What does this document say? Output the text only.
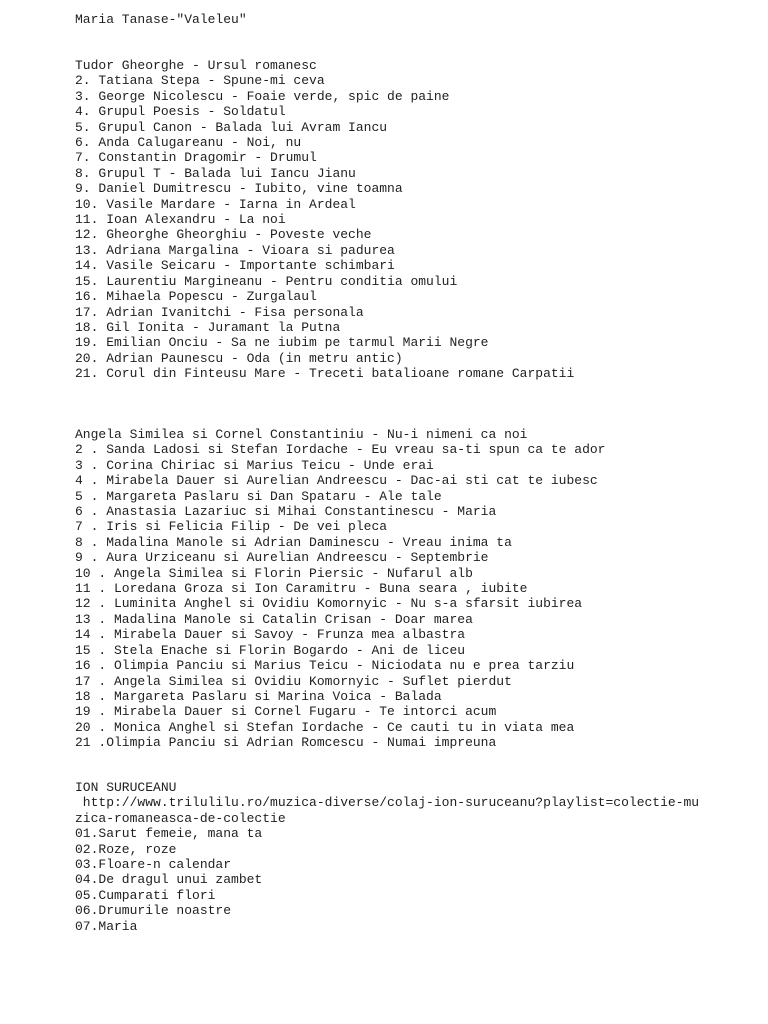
Maria Tanase-"Valeleu"
Tudor Gheorghe - Ursul romanesc
2. Tatiana Stepa - Spune-mi ceva
3. George Nicolescu - Foaie verde, spic de paine
4. Grupul Poesis - Soldatul
5. Grupul Canon - Balada lui Avram Iancu
6. Anda Calugareanu - Noi, nu
7. Constantin Dragomir - Drumul
8. Grupul T - Balada lui Iancu Jianu
9. Daniel Dumitrescu - Iubito, vine toamna
10. Vasile Mardare - Iarna in Ardeal
11. Ioan Alexandru - La noi
12. Gheorghe Gheorghiu - Poveste veche
13. Adriana Margalina - Vioara si padurea
14. Vasile Seicaru - Importante schimbari
15. Laurentiu Margineanu - Pentru conditia omului
16. Mihaela Popescu - Zurgalaul
17. Adrian Ivanitchi - Fisa personala
18. Gil Ionita - Juramant la Putna
19. Emilian Onciu - Sa ne iubim pe tarmul Marii Negre
20. Adrian Paunescu - Oda (in metru antic)
21. Corul din Finteusu Mare - Treceti batalioane romane Carpatii
Angela Similea si Cornel Constantiniu - Nu-i nimeni ca noi
2 . Sanda Ladosi si Stefan Iordache - Eu vreau sa-ti spun ca te ador
3 . Corina Chiriac si Marius Teicu - Unde erai
4 . Mirabela Dauer si Aurelian Andreescu - Dac-ai sti cat te iubesc
5 . Margareta Paslaru si Dan Spataru - Ale tale
6 . Anastasia Lazariuc si Mihai Constantinescu - Maria
7 . Iris si Felicia Filip - De vei pleca
8 . Madalina Manole si Adrian Daminescu - Vreau inima ta
9 . Aura Urziceanu si Aurelian Andreescu - Septembrie
10 . Angela Similea si Florin Piersic - Nufarul alb
11 . Loredana Groza si Ion Caramitru - Buna seara , iubite
12 . Luminita Anghel si Ovidiu Komornyic - Nu s-a sfarsit iubirea
13 . Madalina Manole si Catalin Crisan - Doar marea
14 . Mirabela Dauer si Savoy - Frunza mea albastra
15 . Stela Enache si Florin Bogardo - Ani de liceu
16 . Olimpia Panciu si Marius Teicu - Niciodata nu e prea tarziu
17 . Angela Similea si Ovidiu Komornyic - Suflet pierdut
18 . Margareta Paslaru si Marina Voica - Balada
19 . Mirabela Dauer si Cornel Fugaru - Te intorci acum
20 . Monica Anghel si Stefan Iordache - Ce cauti tu in viata mea
21 .Olimpia Panciu si Adrian Romcescu - Numai impreuna
ION SURUCEANU
http://www.trilulilu.ro/muzica-diverse/colaj-ion-suruceanu?playlist=colectie-mu
zica-romaneasca-de-colectie
01.Sarut femeie, mana ta
02.Roze, roze
03.Floare-n calendar
04.De dragul unui zambet
05.Cumparati flori
06.Drumurile noastre
07.Maria
